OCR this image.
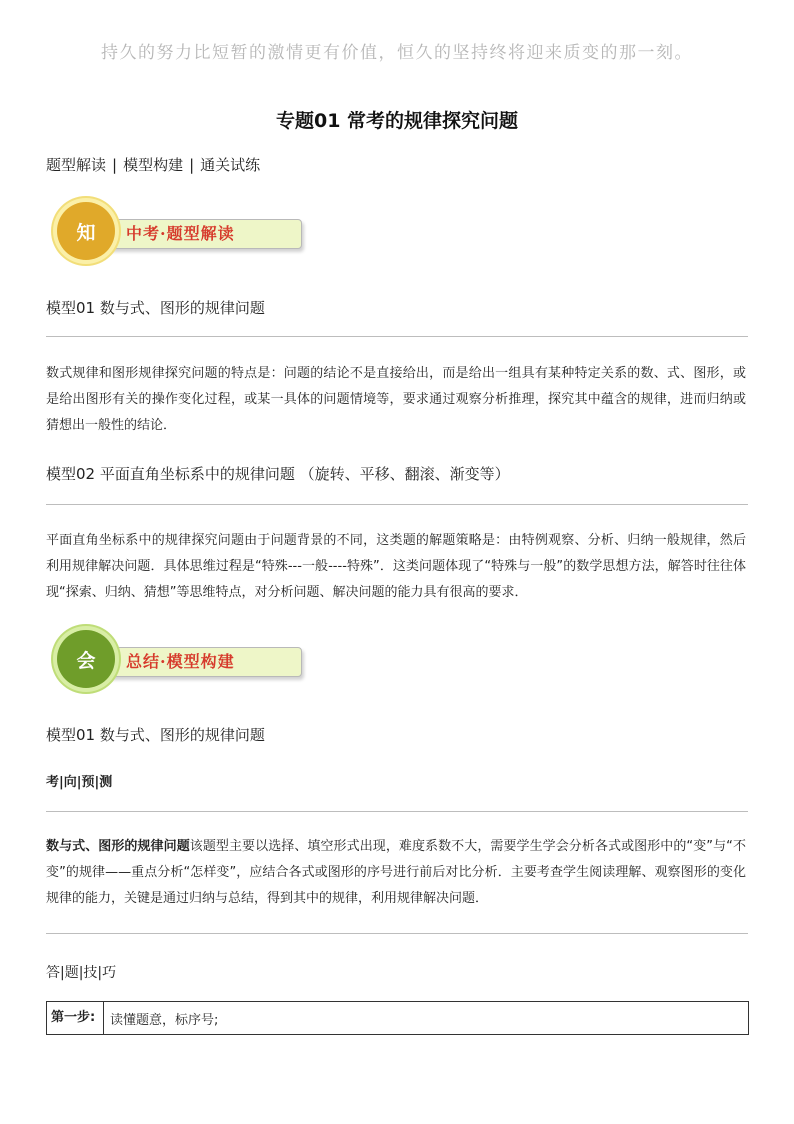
持久的努力比短暂的激情更有价值，恒久的坚持终将迎来质变的那一刻。
专题01 常考的规律探究问题
题型解读 | 模型构建 | 通关试练
中考·题型解读
知
模型01 数与式、图形的规律问题
数式规律和图形规律探究问题的特点是：问题的结论不是直接给出，而是给出一组具有某种特定关系的数、式、图形，或是给出图形有关的操作变化过程，或某一具体的问题情境等，要求通过观察分析推理，探究其中蕴含的规律，进而归纳或猜想出一般性的结论．
模型02 平面直角坐标系中的规律问题 （旋转、平移、翻滚、渐变等）
平面直角坐标系中的规律探究问题由于问题背景的不同，这类题的解题策略是：由特例观察、分析、归纳一般规律，然后利用规律解决问题．具体思维过程是“特殊---一般----特殊”．这类问题体现了“特殊与一般”的数学思想方法，解答时往往体现“探索、归纳、猜想”等思维特点，对分析问题、解决问题的能力具有很高的要求．
总结·模型构建
会
模型01 数与式、图形的规律问题
考|向|预|测
数与式、图形的规律问题该题型主要以选择、填空形式出现，难度系数不大，需要学生学会分析各式或图形中的“变”与“不变”的规律——重点分析“怎样变”，应结合各式或图形的序号进行前后对比分析．主要考查学生阅读理解、观察图形的变化规律的能力，关键是通过归纳与总结，得到其中的规律，利用规律解决问题．
答|题|技|巧
第一步:	读懂题意，标序号;
